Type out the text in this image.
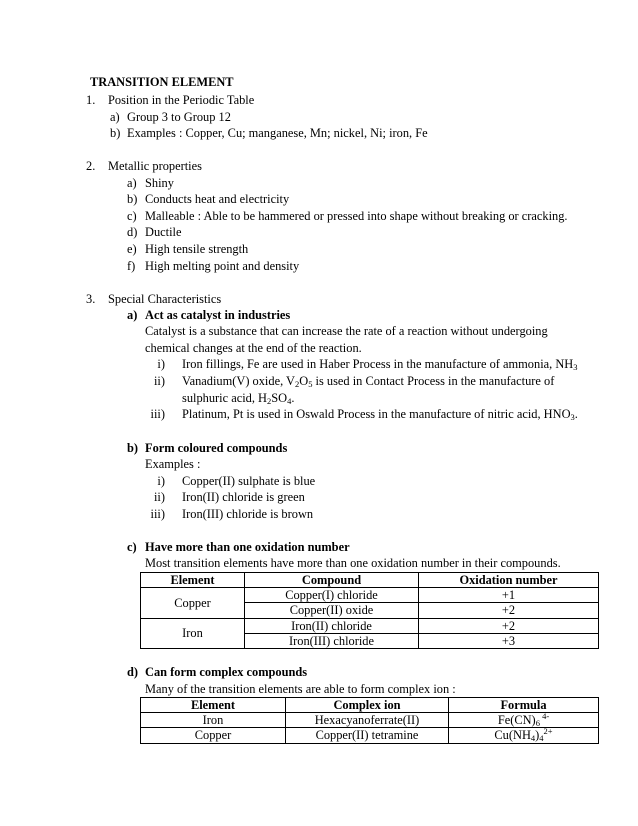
TRANSITION ELEMENT
1.	Position in the Periodic Table
a) Group 3 to Group 12
b) Examples : Copper, Cu; manganese, Mn; nickel, Ni; iron, Fe
2.	Metallic properties
a) Shiny
b) Conducts heat and electricity
c) Malleable : Able to be hammered or pressed into shape without breaking or cracking.
d) Ductile
e) High tensile strength
f) High melting point and density
3.	Special Characteristics
a) Act as catalyst in industries
Catalyst is a substance that can increase the rate of a reaction without undergoing
chemical changes at the end of the reaction.
i) Iron fillings, Fe are used in Haber Process in the manufacture of ammonia, $NH_3$
ii) Vanadium(V) oxide, $V_2O_5$ is used in Contact Process in the manufacture of
sulphuric acid, $H_2SO_4$.
iii) Platinum, Pt is used in Oswald Process in the manufacture of nitric acid, $HNO_3$.
b) Form coloured compounds
Examples :
i) Copper(II) sulphate is blue
ii) Iron(II) chloride is green
iii) Iron(III) chloride is brown
c) Have more than one oxidation number
Most transition elements have more than one oxidation number in their compounds.
Element	Compound	Oxidation number
Copper	Copper(I) chloride	+1
	Copper(II) oxide	+2
Iron	Iron(II) chloride	+2
	Iron(III) chloride	+3
d) Can form complex compounds
Many of the transition elements are able to form complex ion :
Element	Complex ion	Formula
Iron	Hexacyanoferrate(II)	$Fe(CN)_6$ $^{4-}$
Copper	Copper(II) tetramine	$Cu(NH_4)_4^{2+}$
